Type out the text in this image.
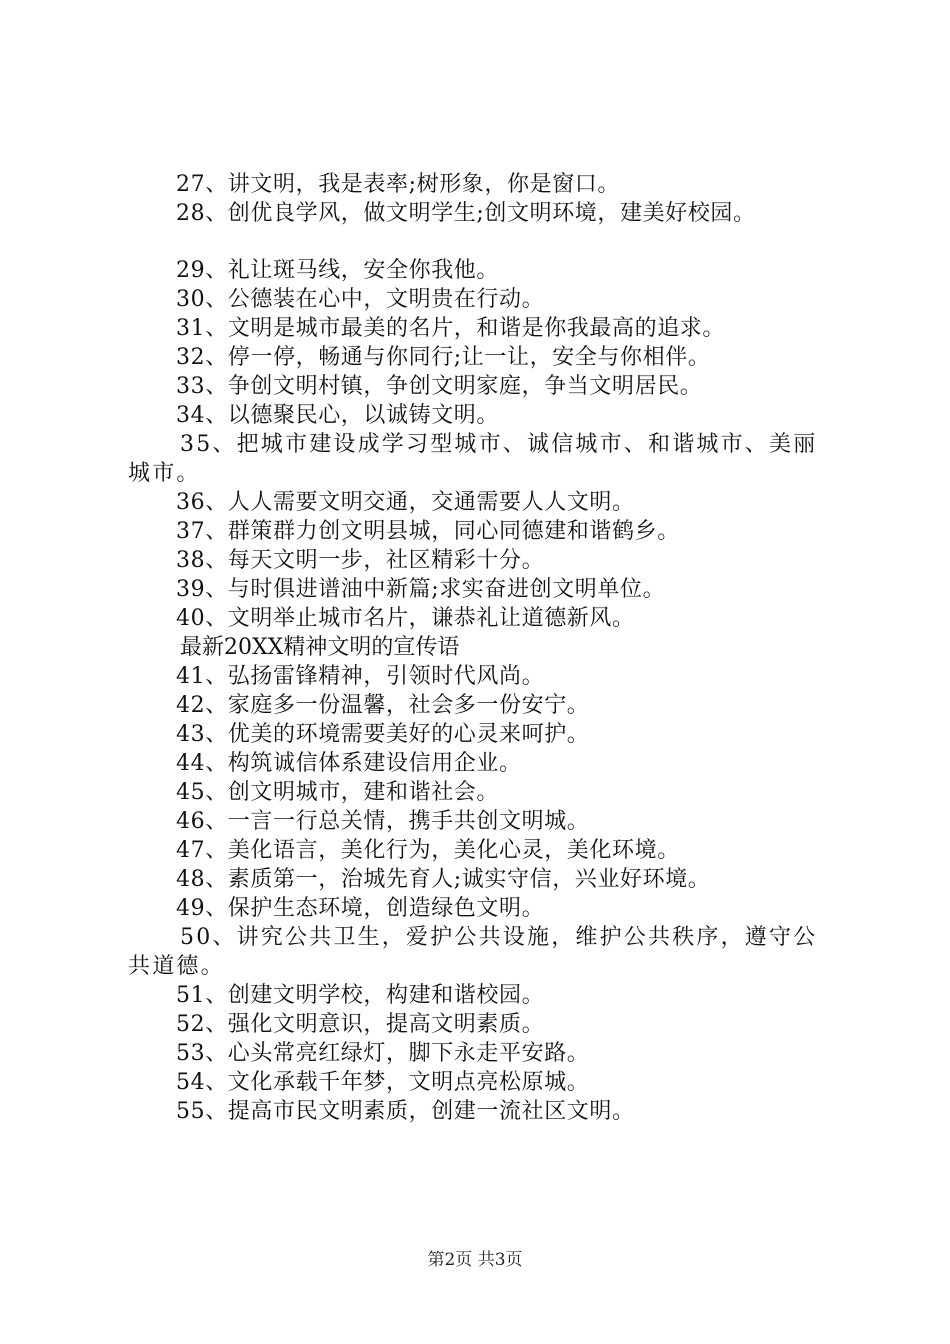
27、讲文明，我是表率;树形象，你是窗口。
28、创优良学风，做文明学生;创文明环境，建美好校园。
29、礼让斑马线，安全你我他。
30、公德装在心中，文明贵在行动。
31、文明是城市最美的名片，和谐是你我最高的追求。
32、停一停，畅通与你同行;让一让，安全与你相伴。
33、争创文明村镇，争创文明家庭，争当文明居民。
34、以德聚民心，以诚铸文明。
35、把城市建设成学习型城市、诚信城市、和谐城市、美丽城市。
36、人人需要文明交通，交通需要人人文明。
37、群策群力创文明县城，同心同德建和谐鹤乡。
38、每天文明一步，社区精彩十分。
39、与时俱进谱油中新篇;求实奋进创文明单位。
40、文明举止城市名片，谦恭礼让道德新风。
最新20XX精神文明的宣传语
41、弘扬雷锋精神，引领时代风尚。
42、家庭多一份温馨，社会多一份安宁。
43、优美的环境需要美好的心灵来呵护。
44、构筑诚信体系建设信用企业。
45、创文明城市，建和谐社会。
46、一言一行总关情，携手共创文明城。
47、美化语言，美化行为，美化心灵，美化环境。
48、素质第一，治城先育人;诚实守信，兴业好环境。
49、保护生态环境，创造绿色文明。
50、讲究公共卫生，爱护公共设施，维护公共秩序，遵守公共道德。
51、创建文明学校，构建和谐校园。
52、强化文明意识，提高文明素质。
53、心头常亮红绿灯，脚下永走平安路。
54、文化承载千年梦，文明点亮松原城。
55、提高市民文明素质，创建一流社区文明。
第2页 共3页
